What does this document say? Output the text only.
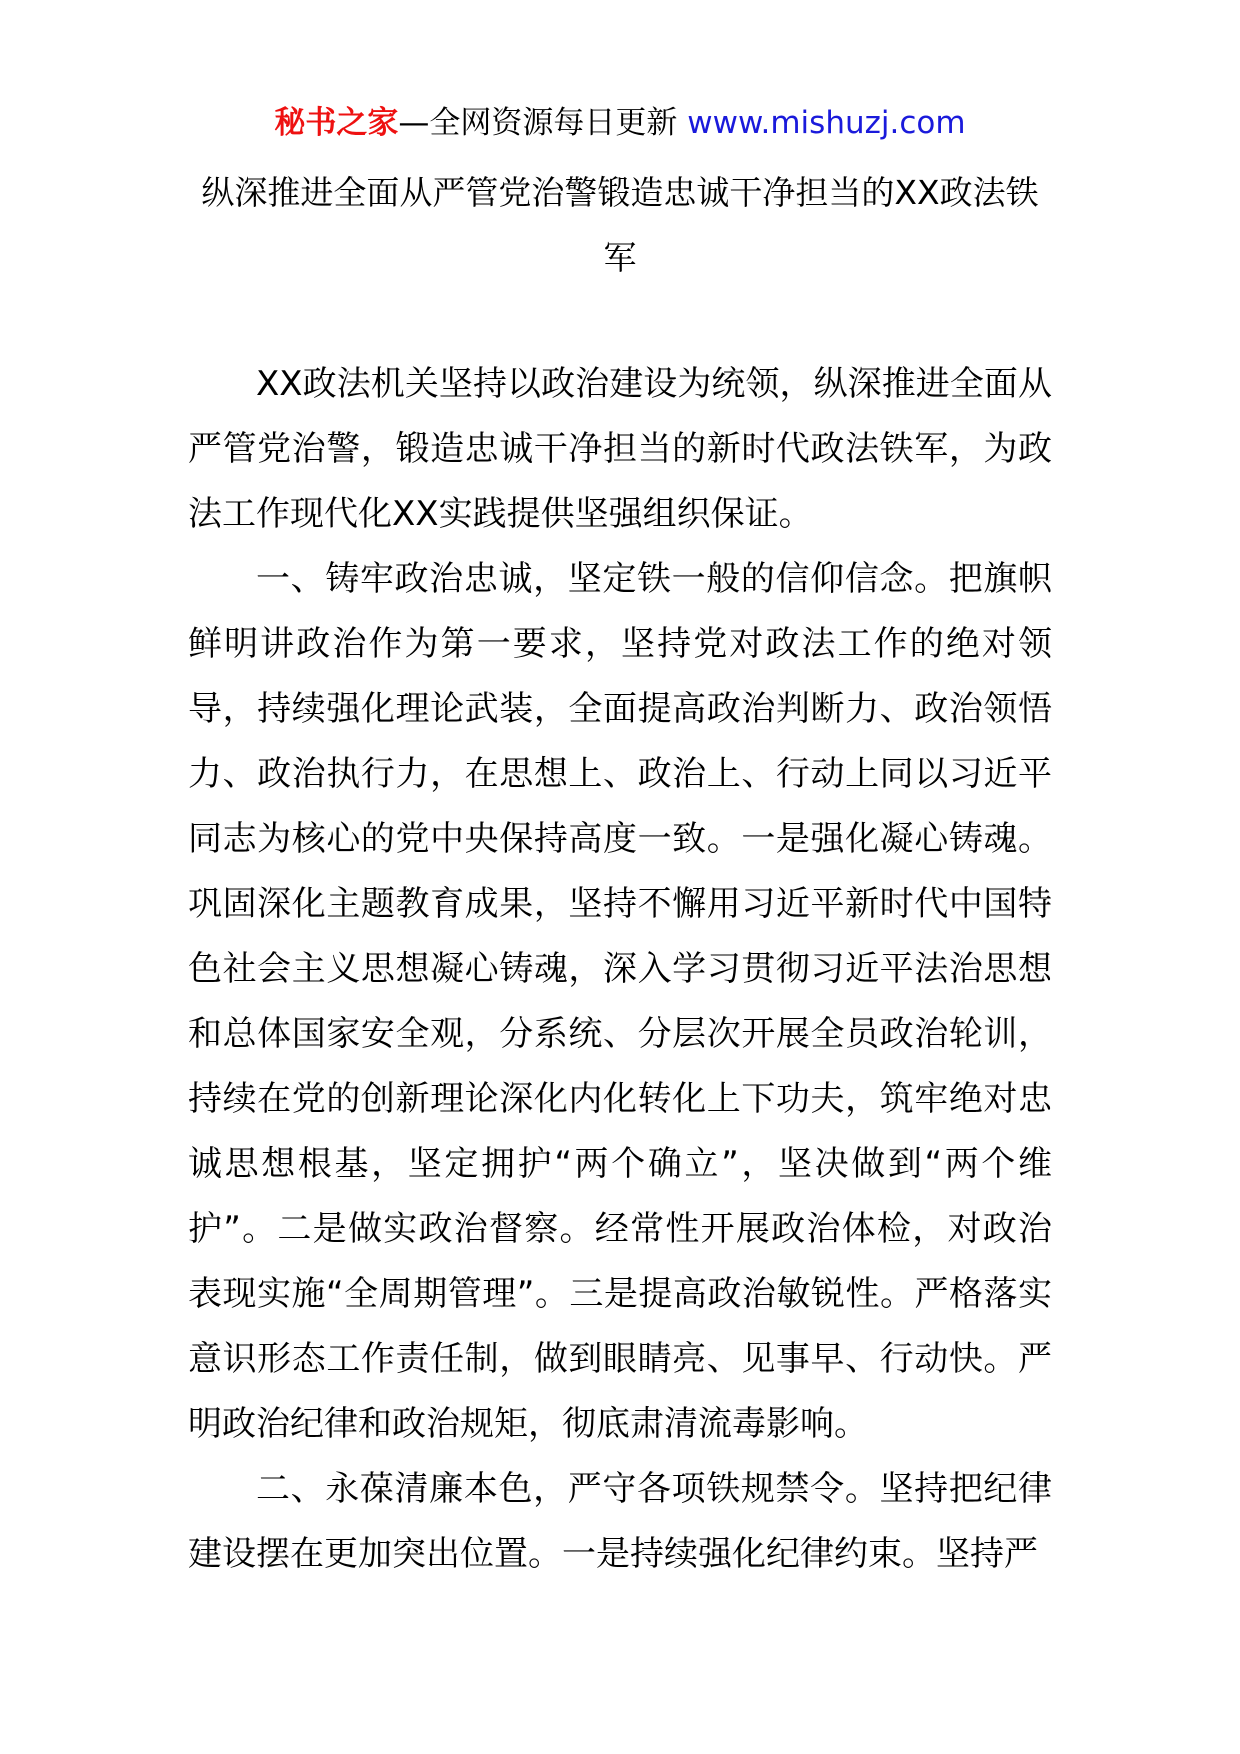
秘书之家—全网资源每日更新 www.mishuzj.com
纵深推进全面从严管党治警锻造忠诚干净担当的XX政法铁军

XX政法机关坚持以政治建设为统领，纵深推进全面从严管党治警，锻造忠诚干净担当的新时代政法铁军，为政法工作现代化XX实践提供坚强组织保证。

一、铸牢政治忠诚，坚定铁一般的信仰信念。把旗帜鲜明讲政治作为第一要求，坚持党对政法工作的绝对领导，持续强化理论武装，全面提高政治判断力、政治领悟力、政治执行力，在思想上、政治上、行动上同以习近平同志为核心的党中央保持高度一致。一是强化凝心铸魂。巩固深化主题教育成果，坚持不懈用习近平新时代中国特色社会主义思想凝心铸魂，深入学习贯彻习近平法治思想和总体国家安全观，分系统、分层次开展全员政治轮训，持续在党的创新理论深化内化转化上下功夫，筑牢绝对忠诚思想根基，坚定拥护“两个确立”，坚决做到“两个维护”。二是做实政治督察。经常性开展政治体检，对政治表现实施“全周期管理”。三是提高政治敏锐性。严格落实意识形态工作责任制，做到眼睛亮、见事早、行动快。严明政治纪律和政治规矩，彻底肃清流毒影响。

二、永葆清廉本色，严守各项铁规禁令。坚持把纪律建设摆在更加突出位置。一是持续强化纪律约束。坚持严
